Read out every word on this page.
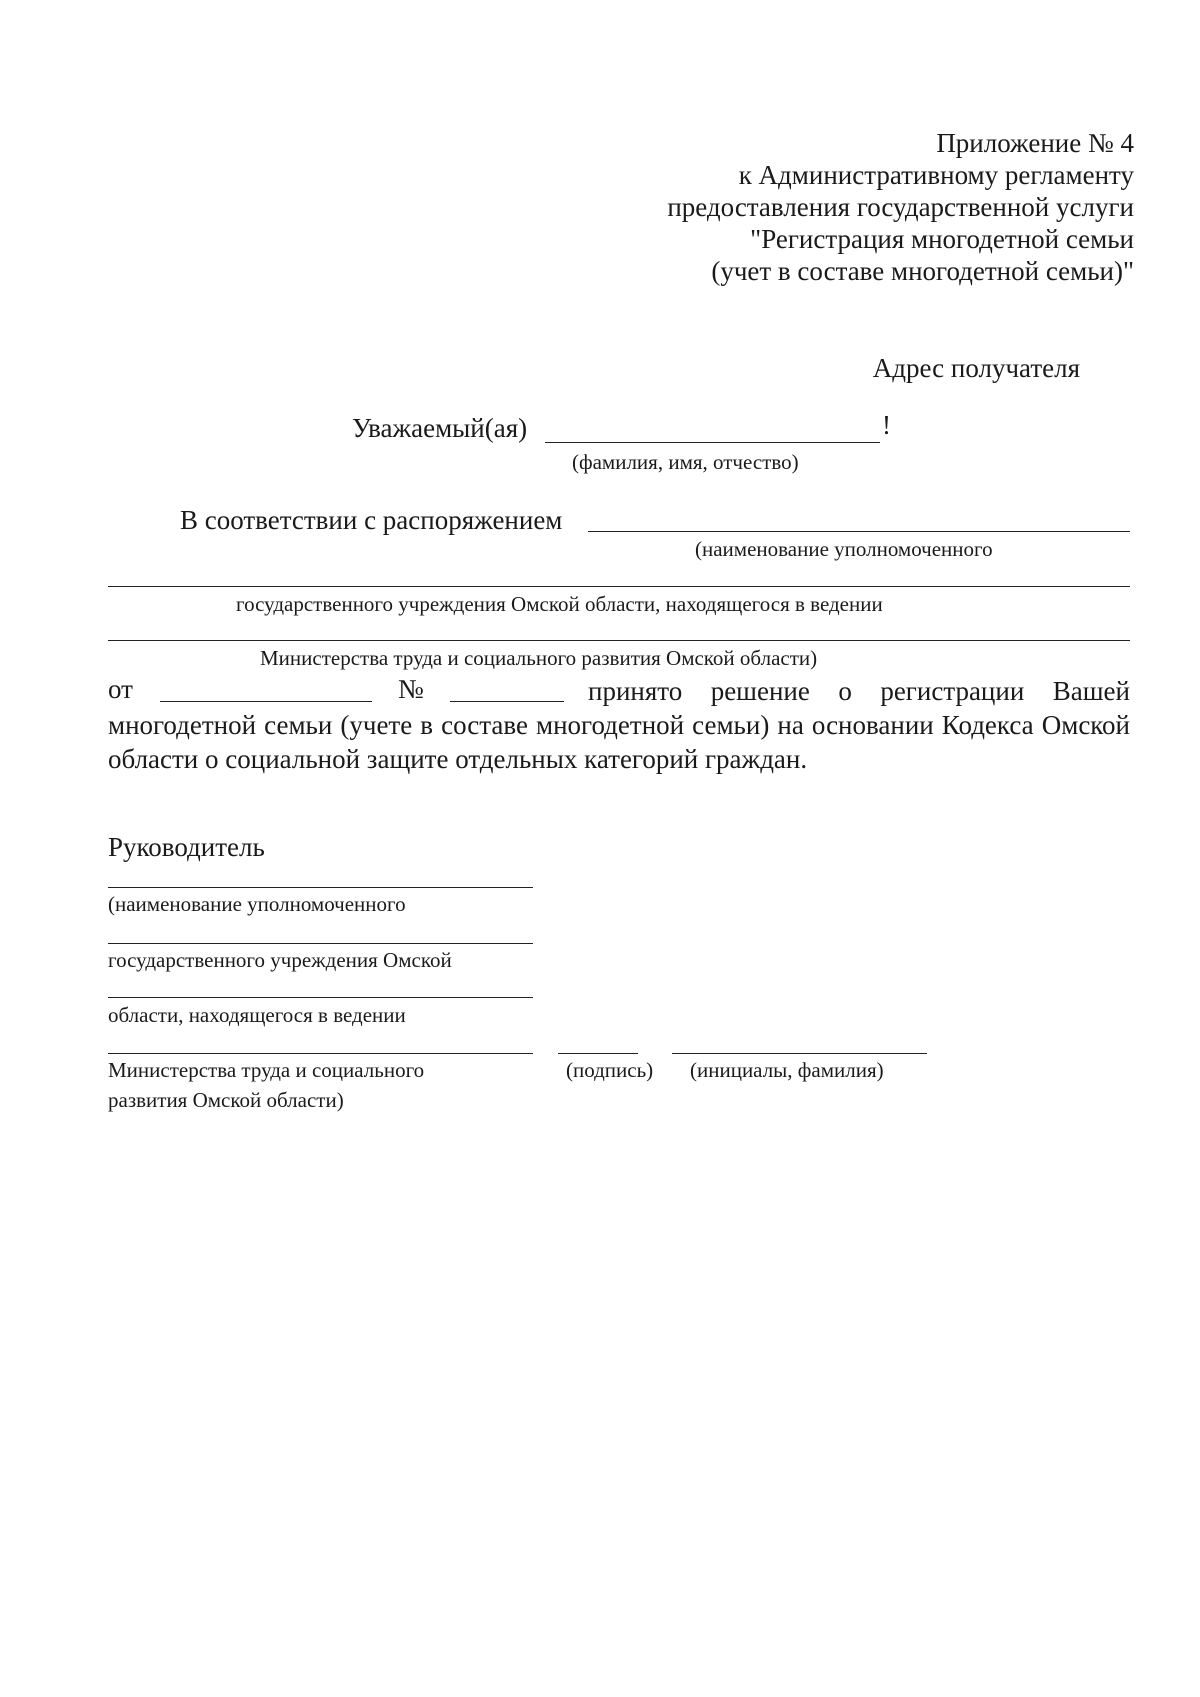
Приложение № 4
к Административному регламенту
предоставления государственной услуги
"Регистрация многодетной семьи
(учет в составе многодетной семьи)"
Адрес получателя
Уважаемый(ая)	!
(фамилия, имя, отчество)
В соответствии с распоряжением
(наименование уполномоченного
государственного учреждения Омской области, находящегося в ведении
Министерства труда и социального развития Омской области)
от	№	принято решение о регистрации Вашей
многодетной семьи (учете в составе многодетной семьи) на основании Кодекса Омской области о социальной защите отдельных категорий граждан.
Руководитель
(наименование уполномоченного
государственного учреждения Омской
области, находящегося в ведении
Министерства труда и социального
развития Омской области)
(подпись) (инициалы, фамилия)
